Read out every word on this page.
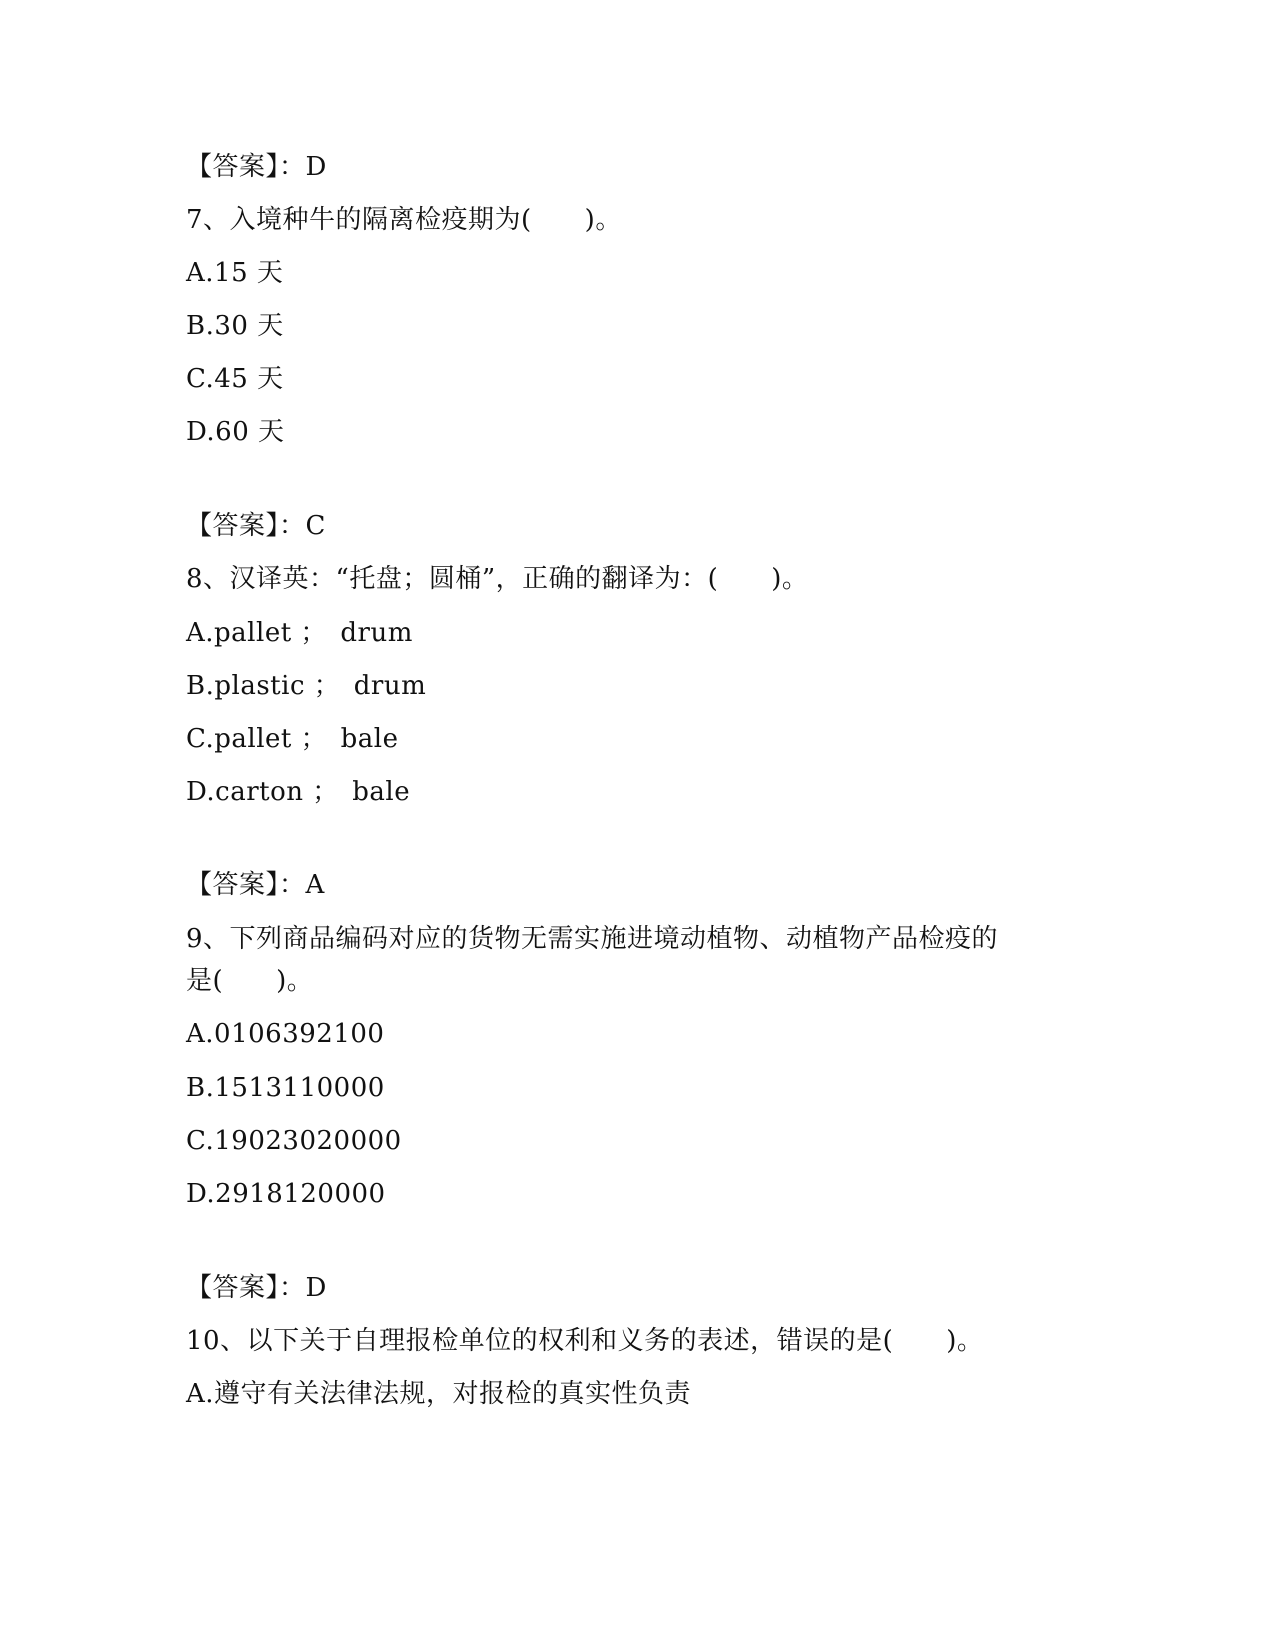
【答案】：D
7、入境种牛的隔离检疫期为(　　)。
A.15 天
B.30 天
C.45 天
D.60 天
【答案】：C
8、汉译英：“托盘；圆桶”，正确的翻译为：(　　)。
A.pallet ；　drum
B.plastic ；　drum
C.pallet ；　bale
D.carton ；　bale
【答案】：A
9、下列商品编码对应的货物无需实施进境动植物、动植物产品检疫的
是(　　)。
A.0106392100
B.1513110000
C.19023020000
D.2918120000
【答案】：D
10、以下关于自理报检单位的权利和义务的表述，错误的是(　　)。
A.遵守有关法律法规，对报检的真实性负责
